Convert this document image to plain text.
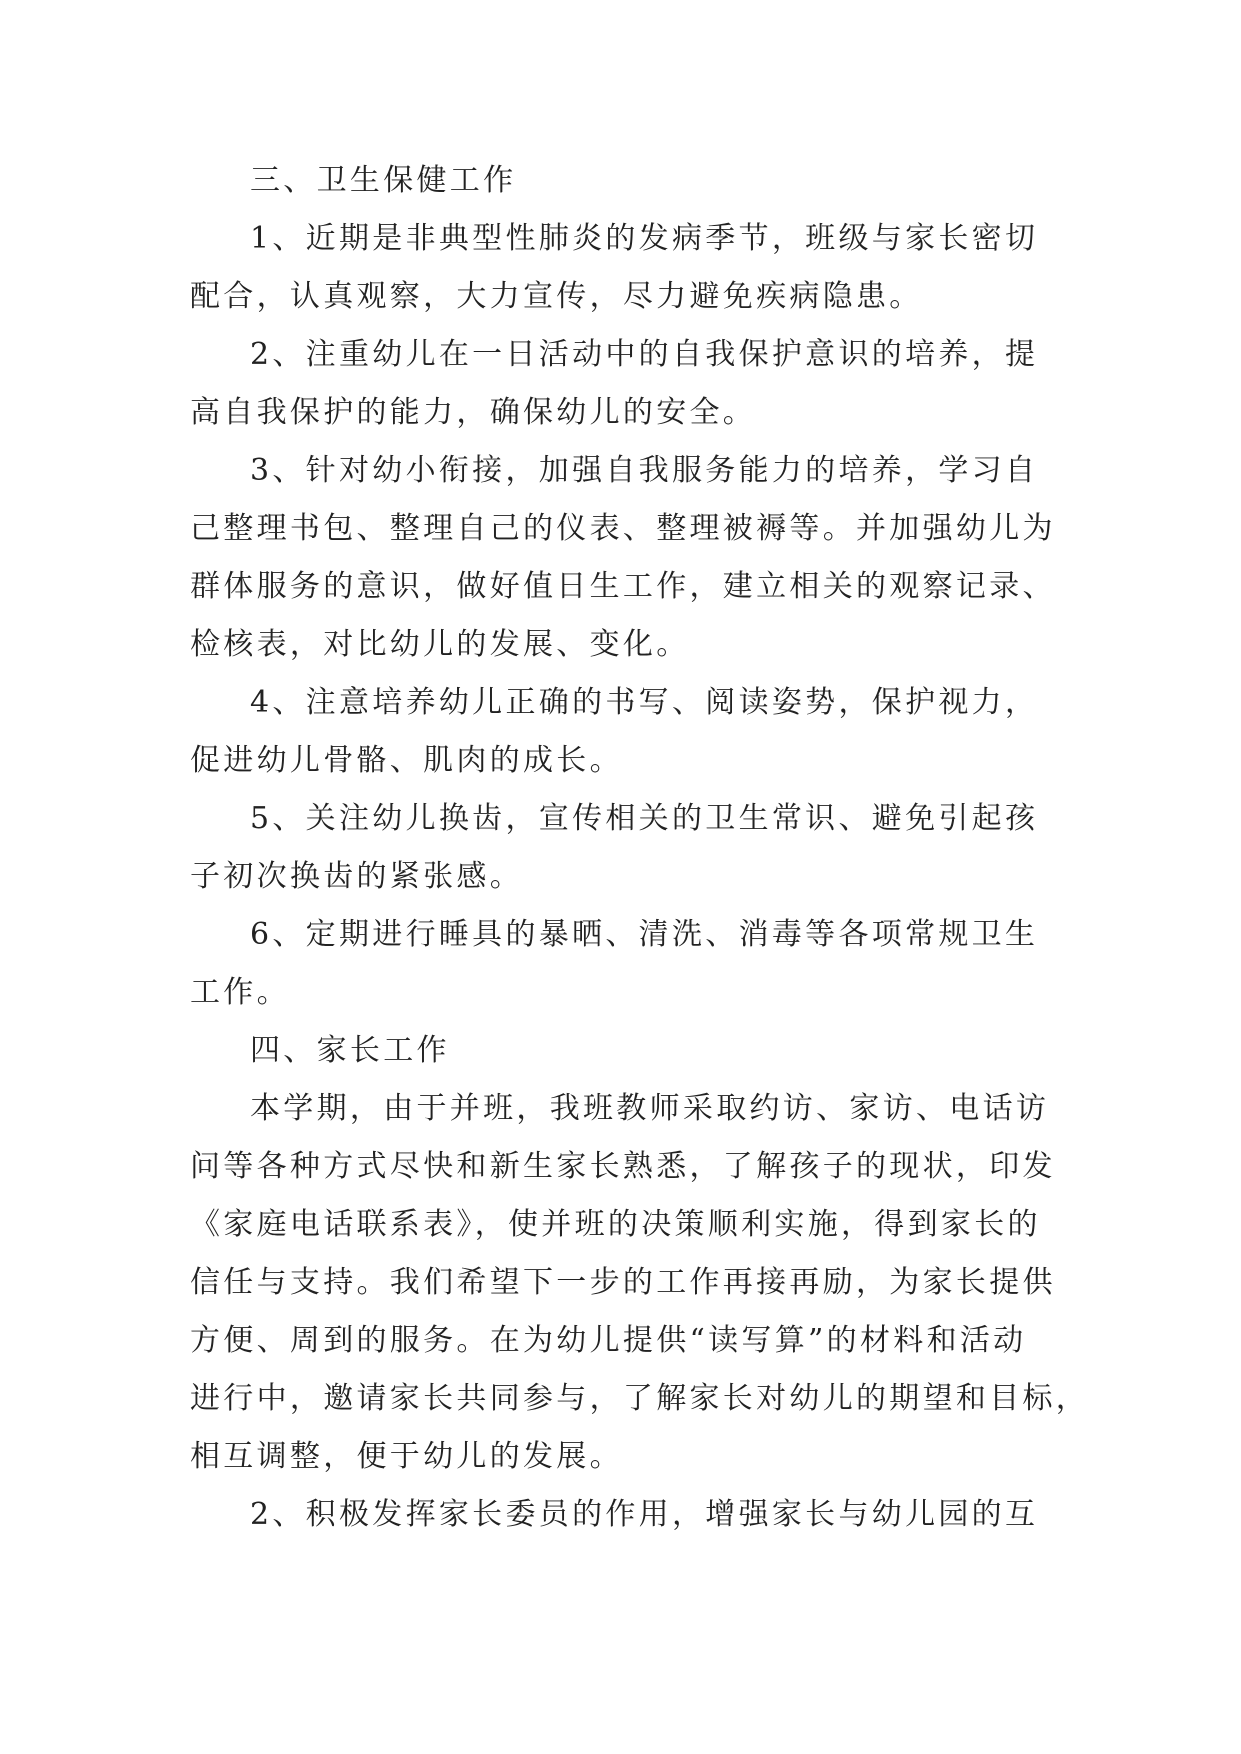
三、卫生保健工作
1、近期是非典型性肺炎的发病季节，班级与家长密切
配合，认真观察，大力宣传，尽力避免疾病隐患。
2、注重幼儿在一日活动中的自我保护意识的培养，提
高自我保护的能力，确保幼儿的安全。
3、针对幼小衔接，加强自我服务能力的培养，学习自
己整理书包、整理自己的仪表、整理被褥等。并加强幼儿为
群体服务的意识，做好值日生工作，建立相关的观察记录、
检核表，对比幼儿的发展、变化。
4、注意培养幼儿正确的书写、阅读姿势，保护视力，
促进幼儿骨骼、肌肉的成长。
5、关注幼儿换齿，宣传相关的卫生常识、避免引起孩
子初次换齿的紧张感。
6、定期进行睡具的暴晒、清洗、消毒等各项常规卫生
工作。
四、家长工作
本学期，由于并班，我班教师采取约访、家访、电话访
问等各种方式尽快和新生家长熟悉，了解孩子的现状，印发
《家庭电话联系表》，使并班的决策顺利实施，得到家长的
信任与支持。我们希望下一步的工作再接再励，为家长提供
方便、周到的服务。在为幼儿提供“读写算”的材料和活动
进行中，邀请家长共同参与，了解家长对幼儿的期望和目标，
相互调整，便于幼儿的发展。
2、积极发挥家长委员的作用，增强家长与幼儿园的互
